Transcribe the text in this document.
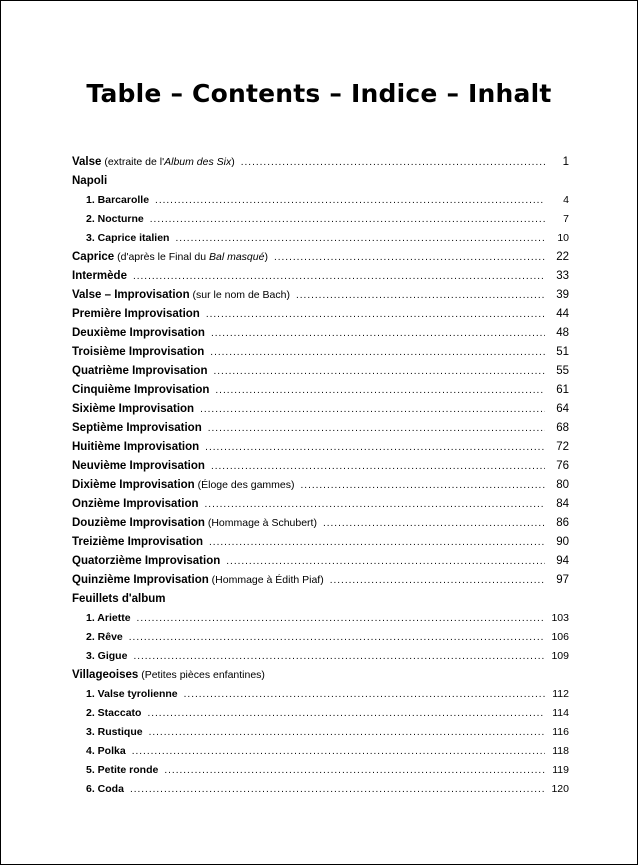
Table – Contents – Indice – Inhalt
Valse (extraite de l'Album des Six) .....	1
Napoli
1. Barcarolle .....	4
2. Nocturne .....	7
3. Caprice italien .....	10
Caprice (d'après le Final du Bal masqué) .....	22
Intermède .....	33
Valse – Improvisation (sur le nom de Bach) .....	39
Première Improvisation .....	44
Deuxième Improvisation .....	48
Troisième Improvisation .....	51
Quatrième Improvisation .....	55
Cinquième Improvisation .....	61
Sixième Improvisation .....	64
Septième Improvisation .....	68
Huitième Improvisation .....	72
Neuvième Improvisation .....	76
Dixième Improvisation (Éloge des gammes) .....	80
Onzième Improvisation .....	84
Douzième Improvisation (Hommage à Schubert) .....	86
Treizième Improvisation .....	90
Quatorzième Improvisation .....	94
Quinzième Improvisation (Hommage à Édith Piaf) .....	97
Feuillets d'album
1. Ariette .....	103
2. Rêve .....	106
3. Gigue .....	109
Villageoises (Petites pièces enfantines)
1. Valse tyrolienne .....	112
2. Staccato .....	114
3. Rustique .....	116
4. Polka .....	118
5. Petite ronde .....	119
6. Coda .....	120
